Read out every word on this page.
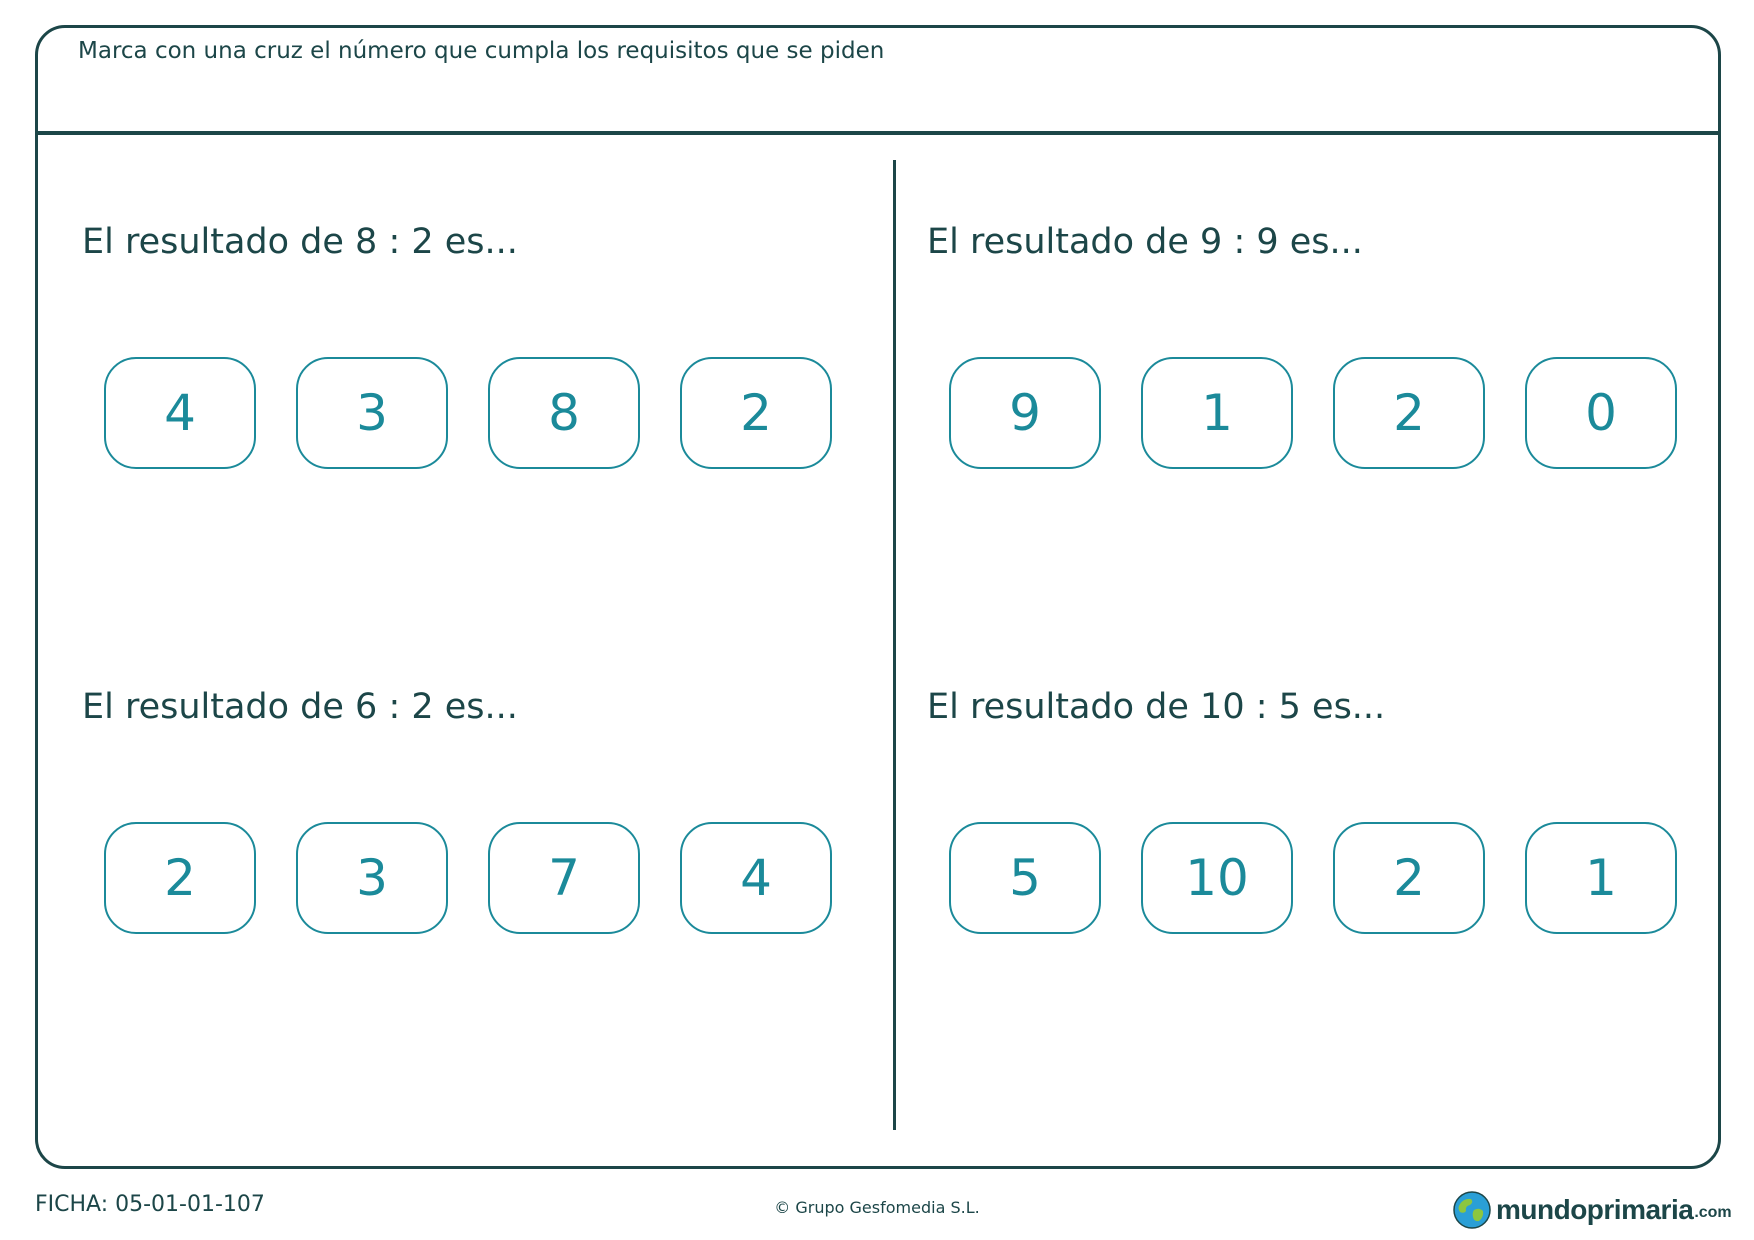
Marca con una cruz el número que cumpla los requisitos que se piden
El resultado de 8 : 2 es...
4	3	8	2
El resultado de 9 : 9 es...
9	1	2	0
El resultado de 6 : 2 es...
2	3	7	4
El resultado de 10 : 5 es...
5	10	2	1
FICHA: 05-01-01-107	© Grupo Gesfomedia S.L.	mundoprimaria .com
